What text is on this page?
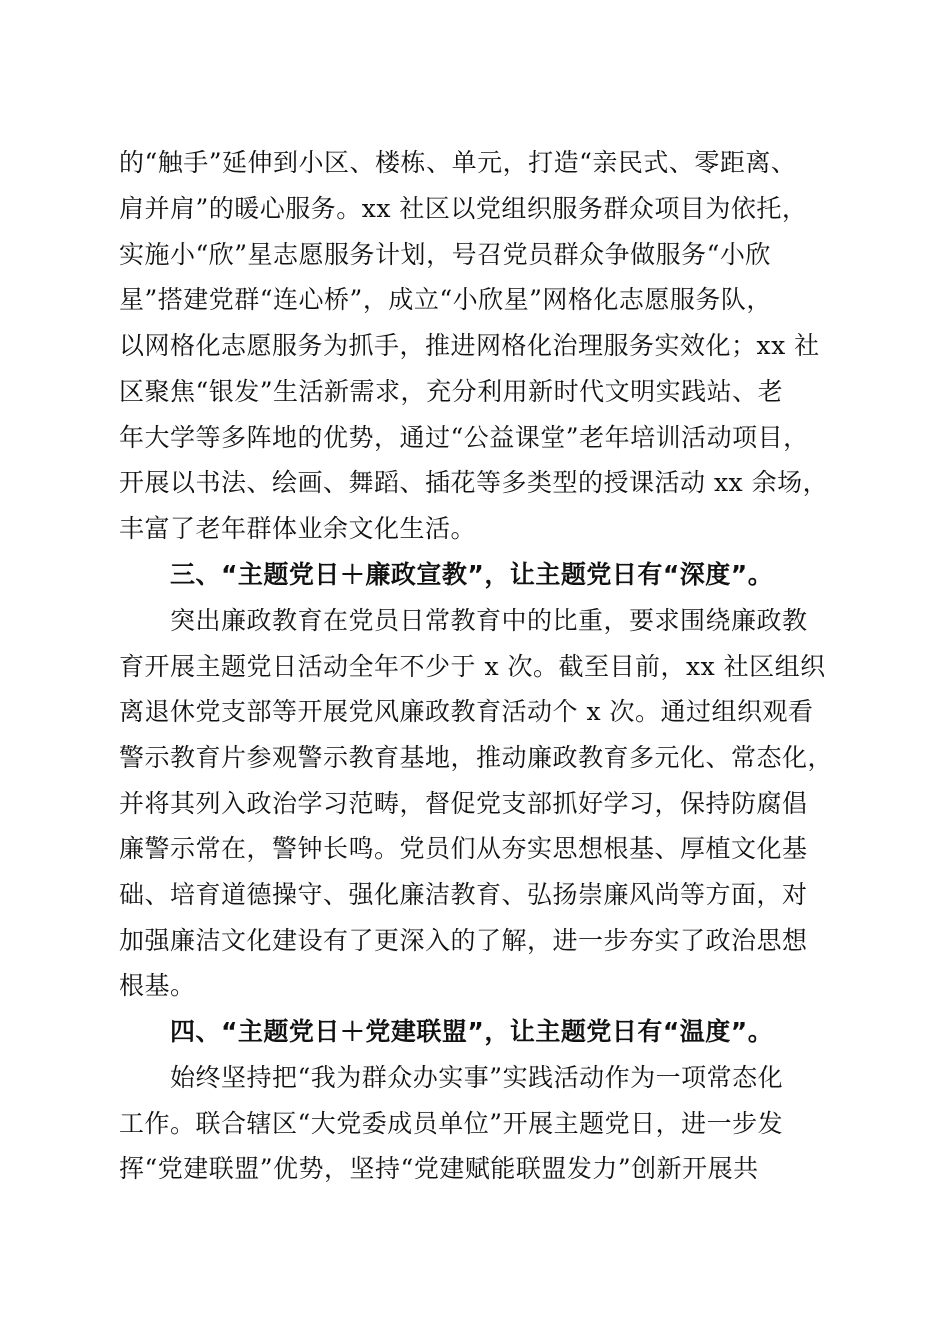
的“触手”延伸到小区、楼栋、单元，打造“亲民式、零距离、
肩并肩”的暖心服务。xx 社区以党组织服务群众项目为依托，
实施小“欣”星志愿服务计划，号召党员群众争做服务“小欣
星”搭建党群“连心桥”，成立“小欣星”网格化志愿服务队，
以网格化志愿服务为抓手，推进网格化治理服务实效化；xx 社
区聚焦“银发”生活新需求，充分利用新时代文明实践站、老
年大学等多阵地的优势，通过“公益课堂”老年培训活动项目，
开展以书法、绘画、舞蹈、插花等多类型的授课活动 xx 余场，
丰富了老年群体业余文化生活。
三、“主题党日＋廉政宣教”，让主题党日有“深度”。
突出廉政教育在党员日常教育中的比重，要求围绕廉政教
育开展主题党日活动全年不少于 x 次。截至目前，xx 社区组织
离退休党支部等开展党风廉政教育活动个 x 次。通过组织观看
警示教育片参观警示教育基地，推动廉政教育多元化、常态化，
并将其列入政治学习范畴，督促党支部抓好学习，保持防腐倡
廉警示常在，警钟长鸣。党员们从夯实思想根基、厚植文化基
础、培育道德操守、强化廉洁教育、弘扬崇廉风尚等方面，对
加强廉洁文化建设有了更深入的了解，进一步夯实了政治思想
根基。
四、“主题党日＋党建联盟”，让主题党日有“温度”。
始终坚持把“我为群众办实事”实践活动作为一项常态化
工作。联合辖区“大党委成员单位”开展主题党日，进一步发
挥“党建联盟”优势，坚持“党建赋能联盟发力”创新开展共
